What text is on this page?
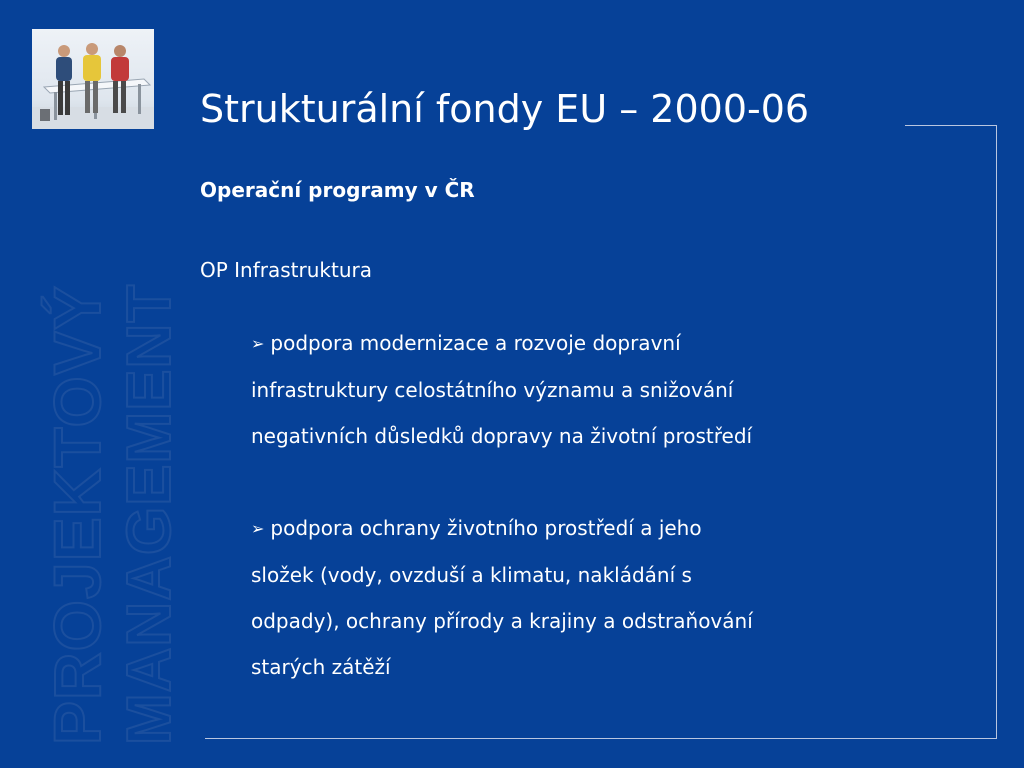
PROJEKTOVÝ MANAGEMENT
Strukturální fondy EU – 2000-06
Operační programy v ČR

OP Infrastruktura

➢ podpora modernizace a rozvoje dopravní
infrastruktury celostátního významu a snižování
negativních důsledků dopravy na životní prostředí
➢ podpora ochrany životního prostředí a jeho
složek (vody, ovzduší a klimatu, nakládání s
odpady), ochrany přírody a krajiny a odstraňování
starých zátěží
